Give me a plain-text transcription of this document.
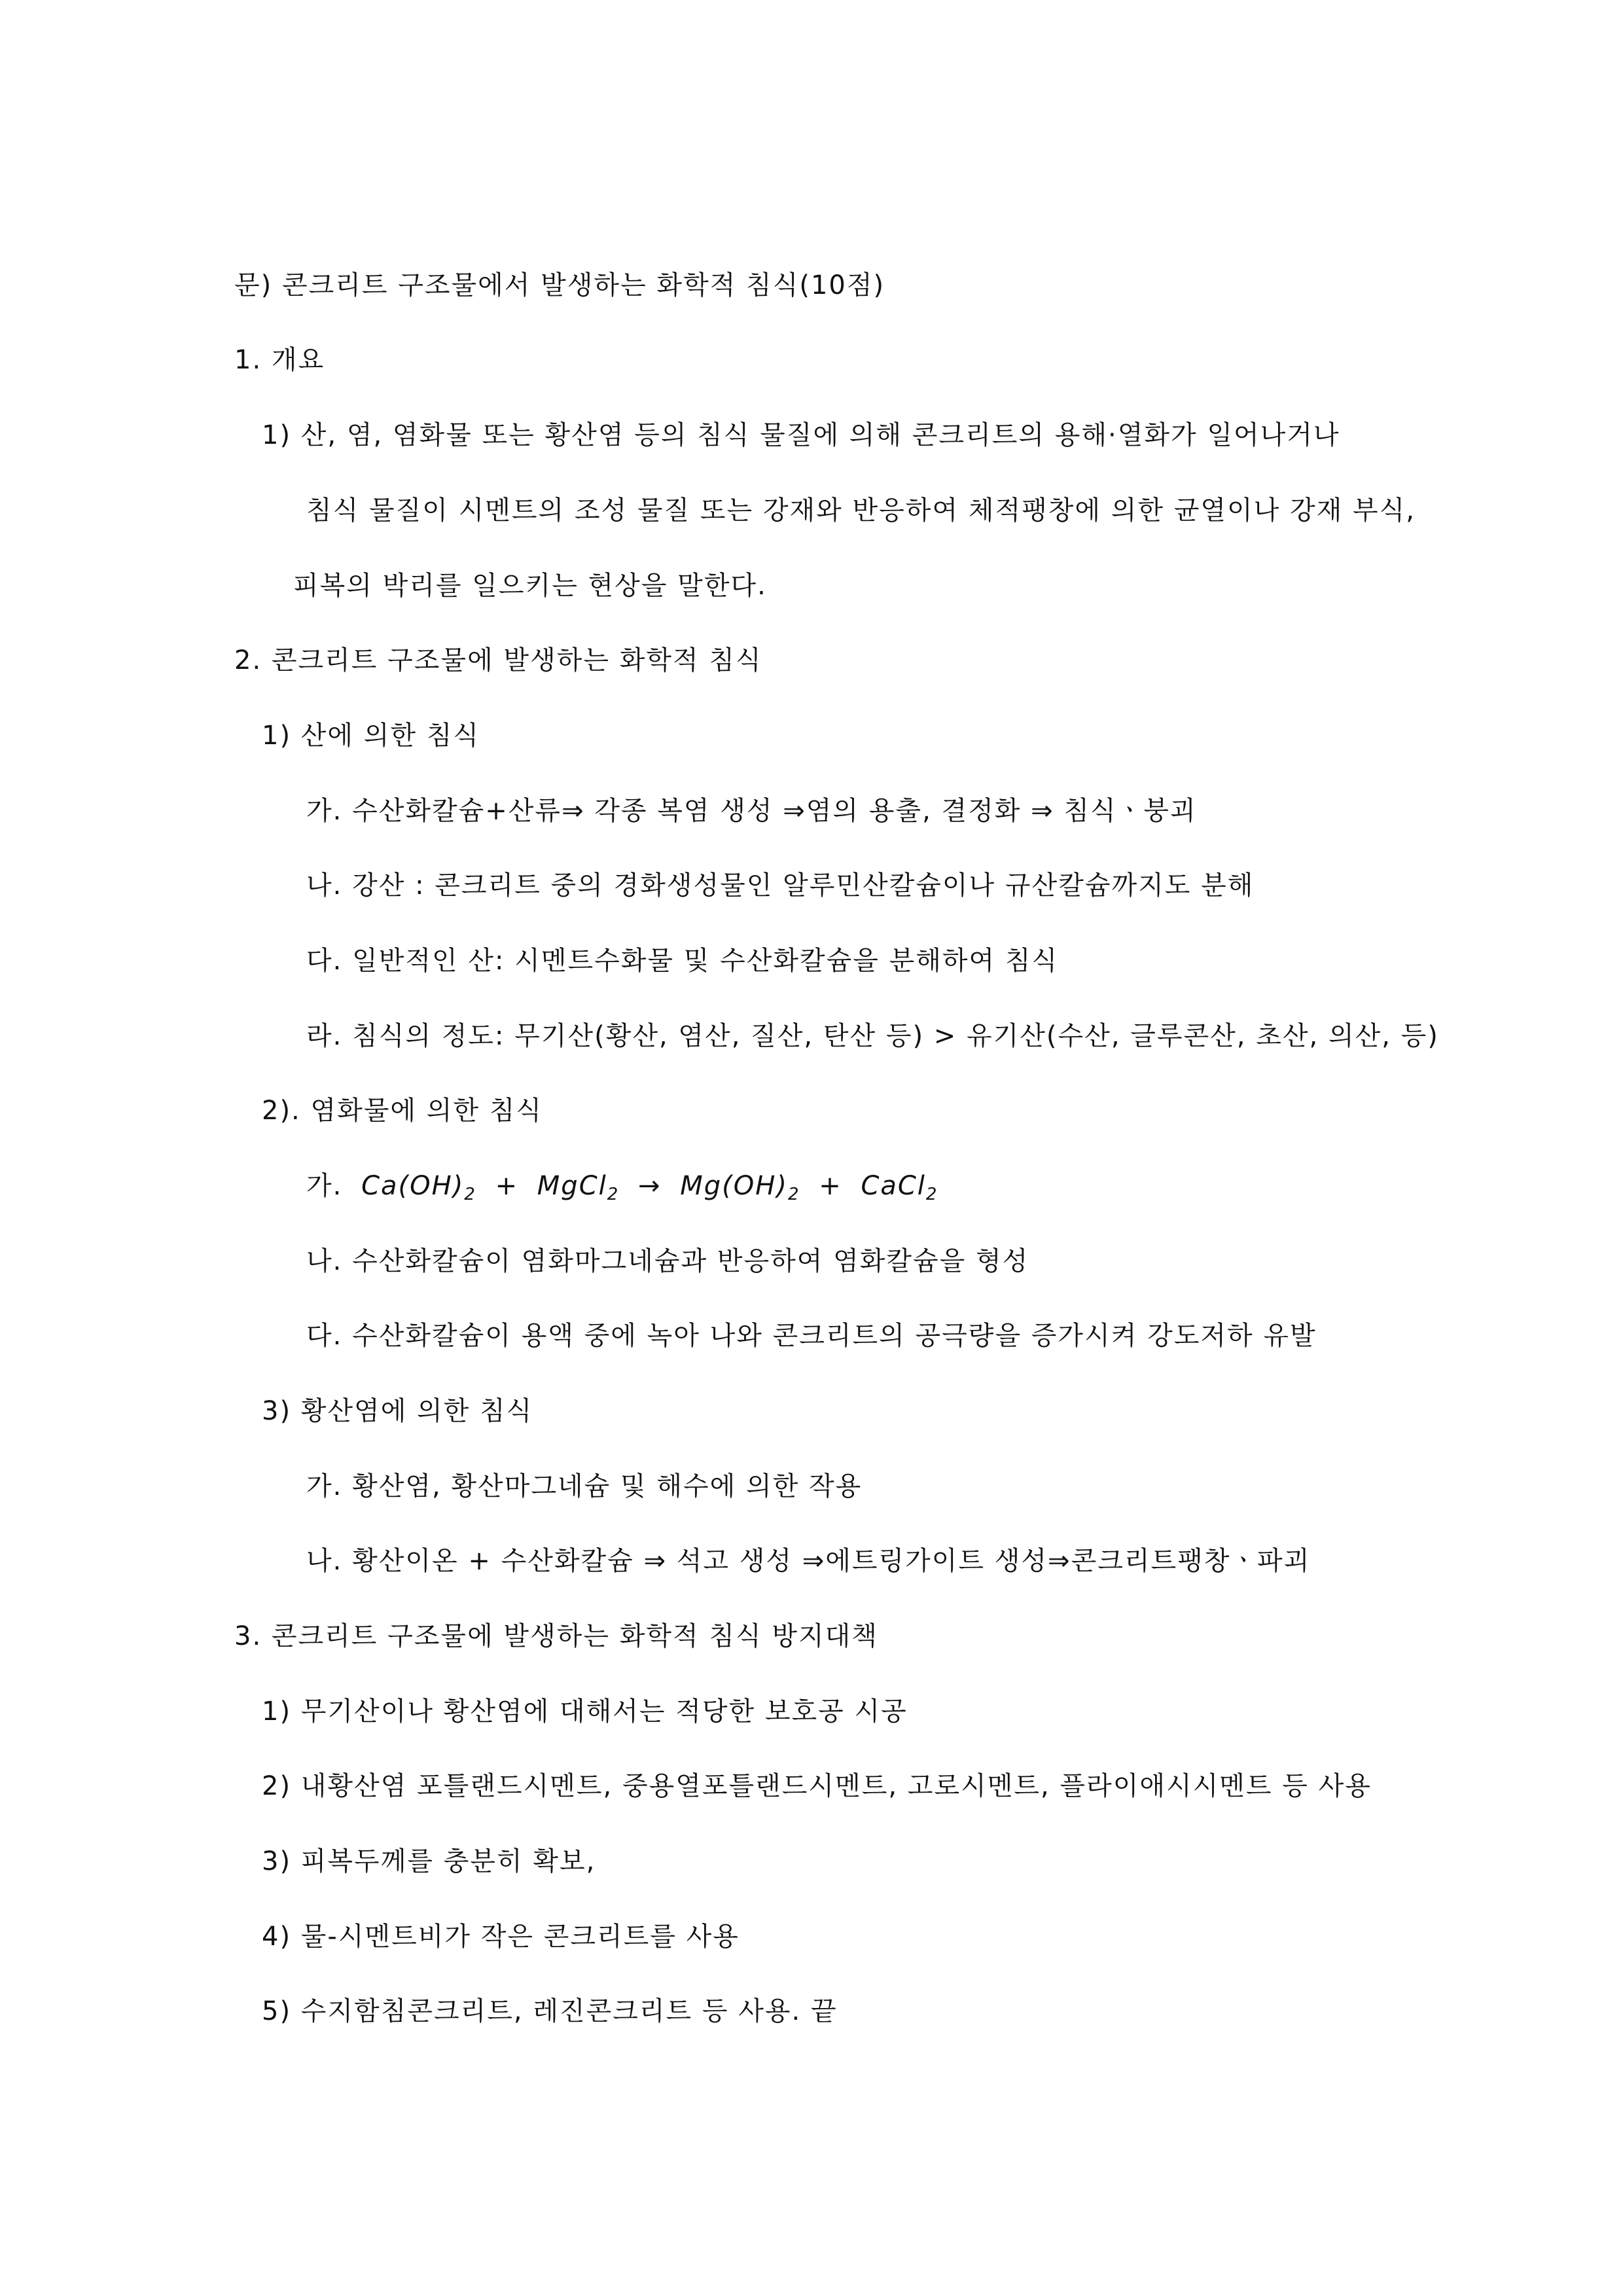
문) 콘크리트 구조물에서 발생하는 화학적 침식(10점)
1. 개요
1) 산, 염, 염화물 또는 황산염 등의 침식 물질에 의해 콘크리트의 용해·열화가 일어나거나
침식 물질이 시멘트의 조성 물질 또는 강재와 반응하여 체적팽창에 의한 균열이나 강재 부식,
피복의 박리를 일으키는 현상을 말한다.
2. 콘크리트 구조물에 발생하는 화학적 침식
1) 산에 의한 침식
가. 수산화칼슘+산류⇒ 각종 복염 생성 ⇒염의 용출, 결정화 ⇒ 침식ㆍ붕괴
나. 강산 : 콘크리트 중의 경화생성물인 알루민산칼슘이나 규산칼슘까지도 분해
다. 일반적인 산: 시멘트수화물 및 수산화칼슘을 분해하여 침식
라. 침식의 정도: 무기산(황산, 염산, 질산, 탄산 등) > 유기산(수산, 글루콘산, 초산, 의산, 등)
2). 염화물에 의한 침식
가. $Ca(OH)_2$ + MgCl$_2$ → $Mg(OH)_2$ + CaCl$_2$
나. 수산화칼슘이 염화마그네슘과 반응하여 염화칼슘을 형성
다. 수산화칼슘이 용액 중에 녹아 나와 콘크리트의 공극량을 증가시켜 강도저하 유발
3) 황산염에 의한 침식
가. 황산염, 황산마그네슘 및 해수에 의한 작용
나. 황산이온 + 수산화칼슘 ⇒ 석고 생성 ⇒에트링가이트 생성⇒콘크리트팽창ㆍ파괴
3. 콘크리트 구조물에 발생하는 화학적 침식 방지대책
1) 무기산이나 황산염에 대해서는 적당한 보호공 시공
2) 내황산염 포틀랜드시멘트, 중용열포틀랜드시멘트, 고로시멘트, 플라이애시시멘트 등 사용
3) 피복두께를 충분히 확보,
4) 물-시멘트비가 작은 콘크리트를 사용
5) 수지함침콘크리트, 레진콘크리트 등 사용. 끝
